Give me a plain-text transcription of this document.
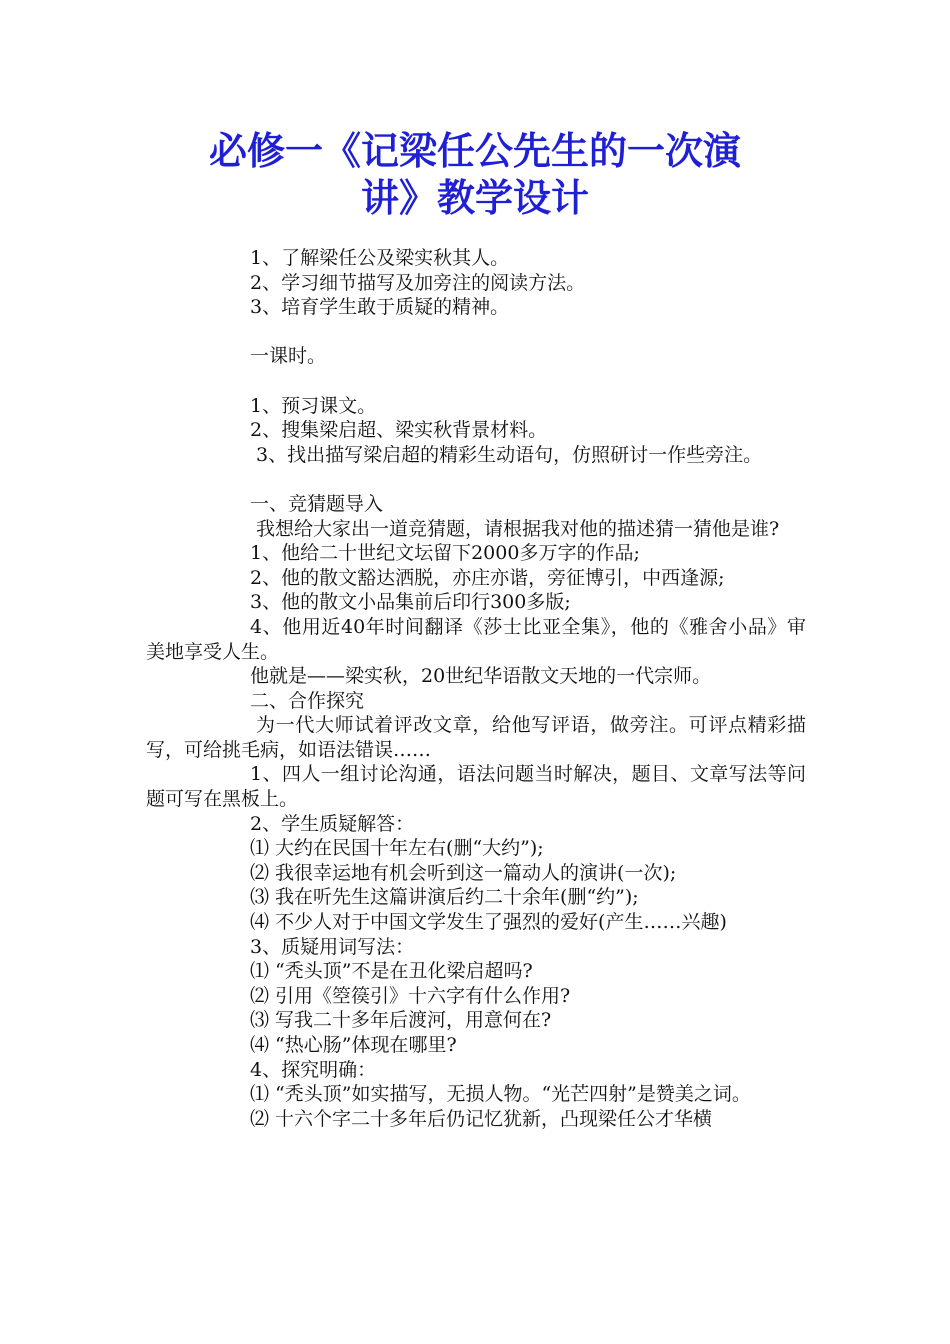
必修一《记梁任公先生的一次演
讲》教学设计

1、了解梁任公及梁实秋其人。

2、学习细节描写及加旁注的阅读方法。

3、培育学生敢于质疑的精神。

一课时。

1、预习课文。

2、搜集梁启超、梁实秋背景材料。

3、找出描写梁启超的精彩生动语句，仿照研讨一作些旁注。

一、竞猜题导入

我想给大家出一道竞猜题，请根据我对他的描述猜一猜他是谁?

1、他给二十世纪文坛留下2000多万字的作品;

2、他的散文豁达洒脱，亦庄亦谐，旁征博引，中西逢源;

3、他的散文小品集前后印行300多版;

4、他用近40年时间翻译《莎士比亚全集》，他的《雅舍小品》审美地享受人生。

他就是——梁实秋，20世纪华语散文天地的一代宗师。

二、合作探究

为一代大师试着评改文章，给他写评语，做旁注。可评点精彩描写，可给挑毛病，如语法错误……

1、四人一组讨论沟通，语法问题当时解决，题目、文章写法等问题可写在黑板上。

2、学生质疑解答：

⑴ 大约在民国十年左右(删“大约”);

⑵ 我很幸运地有机会听到这一篇动人的演讲(一次);

⑶ 我在听先生这篇讲演后约二十余年(删“约”);

⑷ 不少人对于中国文学发生了强烈的爱好(产生……兴趣)

3、质疑用词写法：

⑴ “秃头顶”不是在丑化梁启超吗?

⑵ 引用《箜篌引》十六字有什么作用?

⑶ 写我二十多年后渡河，用意何在?

⑷ “热心肠”体现在哪里?

4、探究明确：

⑴ “秃头顶”如实描写，无损人物。“光芒四射”是赞美之词。

⑵ 十六个字二十多年后仍记忆犹新，凸现梁任公才华横
